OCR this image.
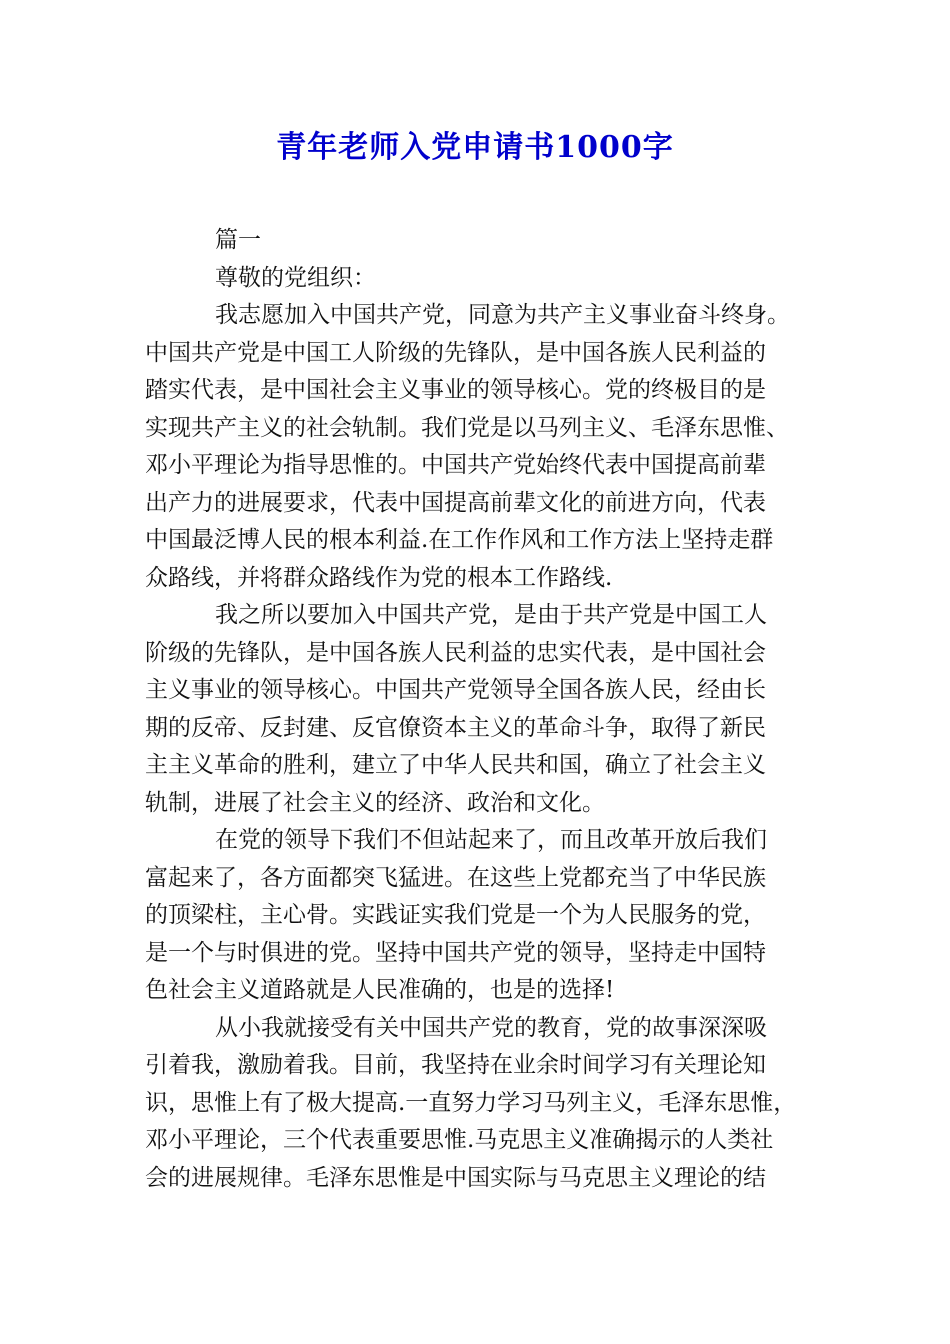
青年老师入党申请书1000字
篇一
尊敬的党组织：
我志愿加入中国共产党，同意为共产主义事业奋斗终身。
中国共产党是中国工人阶级的先锋队，是中国各族人民利益的
踏实代表，是中国社会主义事业的领导核心。党的终极目的是
实现共产主义的社会轨制。我们党是以马列主义、毛泽东思惟、
邓小平理论为指导思惟的。中国共产党始终代表中国提高前辈
出产力的进展要求，代表中国提高前辈文化的前进方向，代表
中国最泛博人民的根本利益.在工作作风和工作方法上坚持走群
众路线，并将群众路线作为党的根本工作路线.
我之所以要加入中国共产党，是由于共产党是中国工人
阶级的先锋队，是中国各族人民利益的忠实代表，是中国社会
主义事业的领导核心。中国共产党领导全国各族人民，经由长
期的反帝、反封建、反官僚资本主义的革命斗争，取得了新民
主主义革命的胜利，建立了中华人民共和国，确立了社会主义
轨制，进展了社会主义的经济、政治和文化。
在党的领导下我们不但站起来了，而且改革开放后我们
富起来了，各方面都突飞猛进。在这些上党都充当了中华民族
的顶梁柱，主心骨。实践证实我们党是一个为人民服务的党，
是一个与时俱进的党。坚持中国共产党的领导，坚持走中国特
色社会主义道路就是人民准确的，也是的选择!
从小我就接受有关中国共产党的教育，党的故事深深吸
引着我，激励着我。目前，我坚持在业余时间学习有关理论知
识，思惟上有了极大提高.一直努力学习马列主义，毛泽东思惟，
邓小平理论，三个代表重要思惟.马克思主义准确揭示的人类社
会的进展规律。毛泽东思惟是中国实际与马克思主义理论的结
